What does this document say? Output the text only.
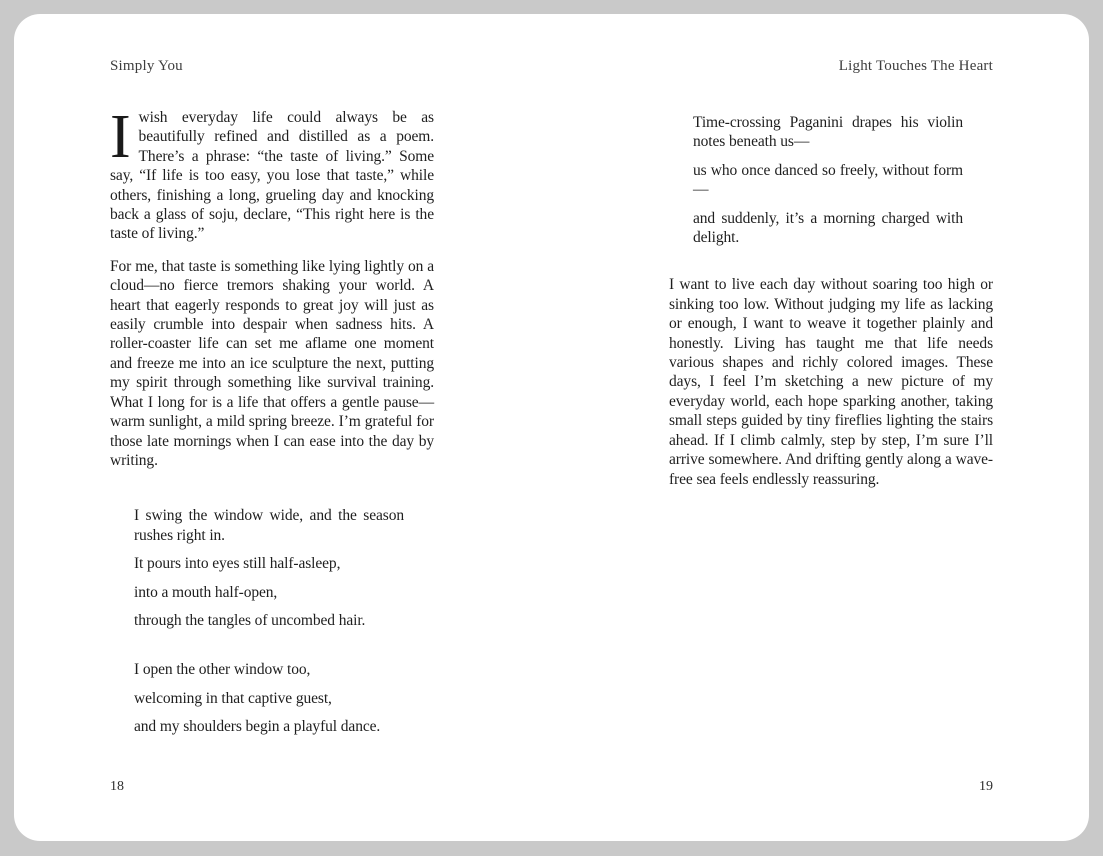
Simply You

Iwish everyday life could always be as beautifully refined and distilled as a poem. There’s a phrase: “the taste of living.” Some say, “If life is too easy, you lose that taste,” while others, finishing a long, grueling day and knocking back a glass of soju, declare, “This right here is the taste of living.”

For me, that taste is something like lying lightly on a cloud—no fierce tremors shaking your world. A heart that eagerly responds to great joy will just as easily crumble into despair when sadness hits. A roller-coaster life can set me aflame one moment and freeze me into an ice sculpture the next, putting my spirit through something like survival training. What I long for is a life that offers a gentle pause—warm sunlight, a mild spring breeze. I’m grateful for those late mornings when I can ease into the day by writing.

I swing the window wide, and the season rushes right in.

It pours into eyes still half-asleep,

into a mouth half-open,

through the tangles of uncombed hair.

I open the other window too,

welcoming in that captive guest,

and my shoulders begin a playful dance.

18
Light Touches The Heart

Time-crossing Paganini drapes his violin notes beneath us—

us who once danced so freely, without form—

and suddenly, it’s a morning charged with delight.

I want to live each day without soaring too high or sinking too low. Without judging my life as lacking or enough, I want to weave it together plainly and honestly. Living has taught me that life needs various shapes and richly colored images. These days, I feel I’m sketching a new picture of my everyday world, each hope sparking another, taking small steps guided by tiny fireflies lighting the stairs ahead. If I climb calmly, step by step, I’m sure I’ll arrive somewhere. And drifting gently along a wave-free sea feels endlessly reassuring.

19
